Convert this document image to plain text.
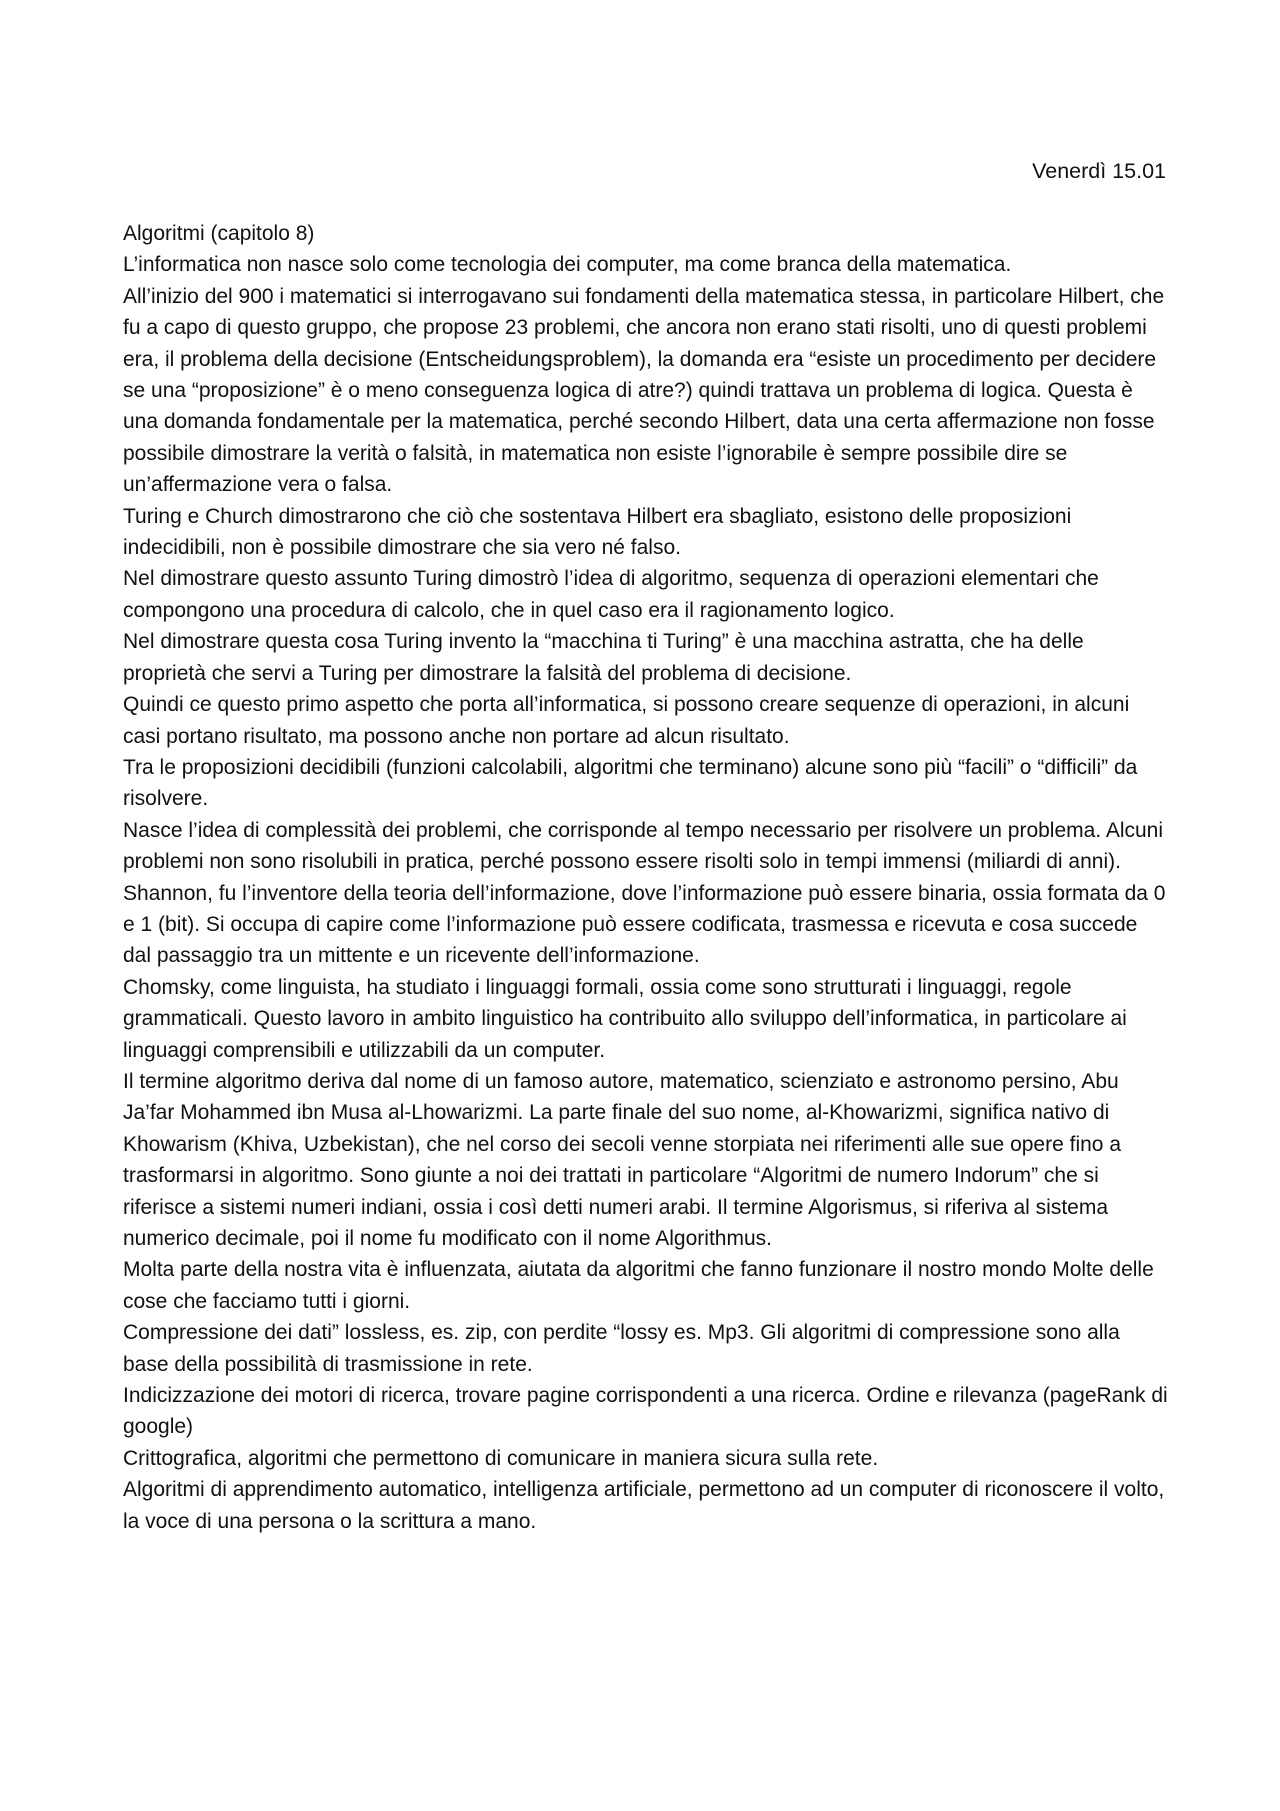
Venerdì 15.01

Algoritmi (capitolo 8)

L’informatica non nasce solo come tecnologia dei computer, ma come branca della matematica.

All’inizio del 900 i matematici si interrogavano sui fondamenti della matematica stessa, in particolare Hilbert, che fu a capo di questo gruppo, che propose 23 problemi, che ancora non erano stati risolti, uno di questi problemi era, il problema della decisione (Entscheidungsproblem), la domanda era “esiste un procedimento per decidere se una “proposizione” è o meno conseguenza logica di atre?) quindi trattava un problema di logica. Questa è una domanda fondamentale per la matematica, perché secondo Hilbert, data una certa affermazione non fosse possibile dimostrare la verità o falsità, in matematica non esiste l’ignorabile è sempre possibile dire se un’affermazione vera o falsa.

Turing e Church dimostrarono che ciò che sostentava Hilbert era sbagliato, esistono delle proposizioni indecidibili, non è possibile dimostrare che sia vero né falso.

Nel dimostrare questo assunto Turing dimostrò l’idea di algoritmo, sequenza di operazioni elementari che compongono una procedura di calcolo, che in quel caso era il ragionamento logico.

Nel dimostrare questa cosa Turing invento la “macchina ti Turing” è una macchina astratta, che ha delle proprietà che servi a Turing per dimostrare la falsità del problema di decisione.

Quindi ce questo primo aspetto che porta all’informatica, si possono creare sequenze di operazioni, in alcuni casi portano risultato, ma possono anche non portare ad alcun risultato.

Tra le proposizioni decidibili (funzioni calcolabili, algoritmi che terminano) alcune sono più “facili” o “difficili” da risolvere.

Nasce l’idea di complessità dei problemi, che corrisponde al tempo necessario per risolvere un problema. Alcuni problemi non sono risolubili in pratica, perché possono essere risolti solo in tempi immensi (miliardi di anni).

Shannon, fu l’inventore della teoria dell’informazione, dove l’informazione può essere binaria, ossia formata da 0 e 1 (bit). Si occupa di capire come l’informazione può essere codificata, trasmessa e ricevuta e cosa succede dal passaggio tra un mittente e un ricevente dell’informazione.

Chomsky, come linguista, ha studiato i linguaggi formali, ossia come sono strutturati i linguaggi, regole grammaticali. Questo lavoro in ambito linguistico ha contribuito allo sviluppo dell’informatica, in particolare ai linguaggi comprensibili e utilizzabili da un computer.

Il termine algoritmo deriva dal nome di un famoso autore, matematico, scienziato e astronomo persino, Abu Ja’far Mohammed ibn Musa al-Lhowarizmi. La parte finale del suo nome, al-Khowarizmi, significa nativo di Khowarism (Khiva, Uzbekistan), che nel corso dei secoli venne storpiata nei riferimenti alle sue opere fino a trasformarsi in algoritmo. Sono giunte a noi dei trattati in particolare “Algoritmi de numero Indorum” che si riferisce a sistemi numeri indiani, ossia i così detti numeri arabi. Il termine Algorismus, si riferiva al sistema numerico decimale, poi il nome fu modificato con il nome Algorithmus.

Molta parte della nostra vita è influenzata, aiutata da algoritmi che fanno funzionare il nostro mondo Molte delle cose che facciamo tutti i giorni.

Compressione dei dati” lossless, es. zip, con perdite “lossy es. Mp3. Gli algoritmi di compressione sono alla base della possibilità di trasmissione in rete.

Indicizzazione dei motori di ricerca, trovare pagine corrispondenti a una ricerca. Ordine e rilevanza (pageRank di google)

Crittografica, algoritmi che permettono di comunicare in maniera sicura sulla rete.

Algoritmi di apprendimento automatico, intelligenza artificiale, permettono ad un computer di riconoscere il volto, la voce di una persona o la scrittura a mano.
